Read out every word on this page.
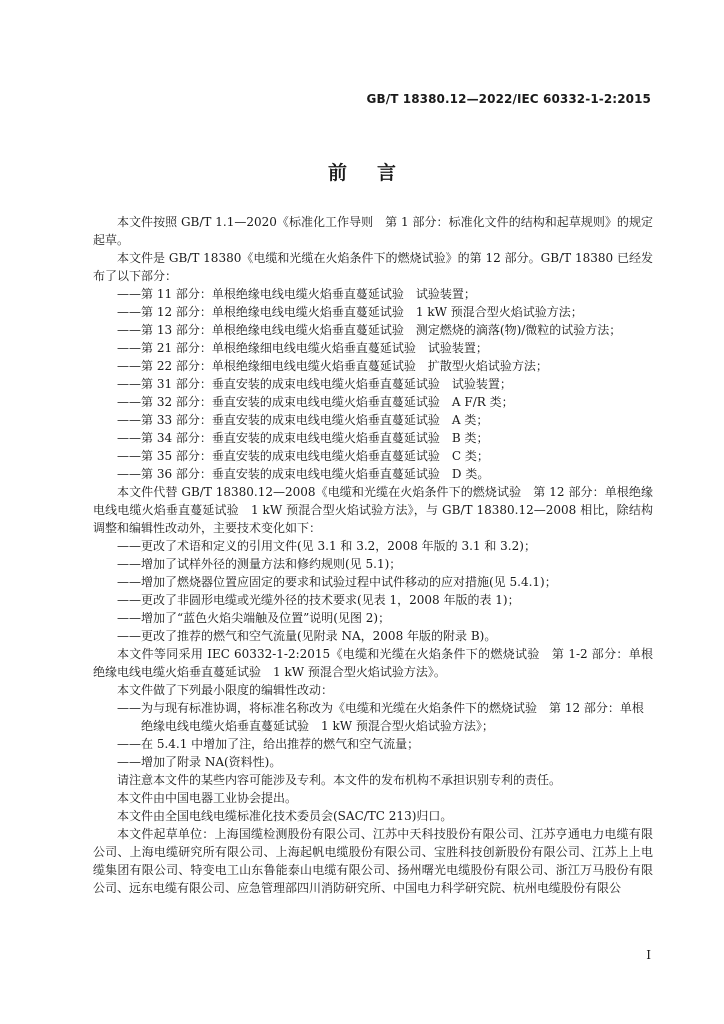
GB/T 18380.12—2022/IEC 60332-1-2:2015
前言

本文件按照 GB/T 1.1—2020《标准化工作导则　第 1 部分：标准化文件的结构和起草规则》的规定起草。

本文件是 GB/T 18380《电缆和光缆在火焰条件下的燃烧试验》的第 12 部分。GB/T 18380 已经发布了以下部分：

——第 11 部分：单根绝缘电线电缆火焰垂直蔓延试验　试验装置；

——第 12 部分：单根绝缘电线电缆火焰垂直蔓延试验　1 kW 预混合型火焰试验方法；

——第 13 部分：单根绝缘电线电缆火焰垂直蔓延试验　测定燃烧的滴落(物)/微粒的试验方法；

——第 21 部分：单根绝缘细电线电缆火焰垂直蔓延试验　试验装置；

——第 22 部分：单根绝缘细电线电缆火焰垂直蔓延试验　扩散型火焰试验方法；

——第 31 部分：垂直安装的成束电线电缆火焰垂直蔓延试验　试验装置；

——第 32 部分：垂直安装的成束电线电缆火焰垂直蔓延试验　A F/R 类；

——第 33 部分：垂直安装的成束电线电缆火焰垂直蔓延试验　A 类；

——第 34 部分：垂直安装的成束电线电缆火焰垂直蔓延试验　B 类；

——第 35 部分：垂直安装的成束电线电缆火焰垂直蔓延试验　C 类；

——第 36 部分：垂直安装的成束电线电缆火焰垂直蔓延试验　D 类。

本文件代替 GB/T 18380.12—2008《电缆和光缆在火焰条件下的燃烧试验　第 12 部分：单根绝缘电线电缆火焰垂直蔓延试验　1 kW 预混合型火焰试验方法》，与 GB/T 18380.12—2008 相比，除结构调整和编辑性改动外，主要技术变化如下：

——更改了术语和定义的引用文件(见 3.1 和 3.2，2008 年版的 3.1 和 3.2)；

——增加了试样外径的测量方法和修约规则(见 5.1)；

——增加了燃烧器位置应固定的要求和试验过程中试件移动的应对措施(见 5.4.1)；

——更改了非圆形电缆或光缆外径的技术要求(见表 1，2008 年版的表 1)；

——增加了“蓝色火焰尖端触及位置”说明(见图 2)；

——更改了推荐的燃气和空气流量(见附录 NA，2008 年版的附录 B)。

本文件等同采用 IEC 60332-1-2:2015《电缆和光缆在火焰条件下的燃烧试验　第 1-2 部分：单根绝缘电线电缆火焰垂直蔓延试验　1 kW 预混合型火焰试验方法》。

本文件做了下列最小限度的编辑性改动：

——为与现有标准协调，将标准名称改为《电缆和光缆在火焰条件下的燃烧试验　第 12 部分：单根绝缘电线电缆火焰垂直蔓延试验　1 kW 预混合型火焰试验方法》；

——在 5.4.1 中增加了注，给出推荐的燃气和空气流量；

——增加了附录 NA(资料性)。

请注意本文件的某些内容可能涉及专利。本文件的发布机构不承担识别专利的责任。

本文件由中国电器工业协会提出。

本文件由全国电线电缆标准化技术委员会(SAC/TC 213)归口。

本文件起草单位：上海国缆检测股份有限公司、江苏中天科技股份有限公司、江苏亨通电力电缆有限公司、上海电缆研究所有限公司、上海起帆电缆股份有限公司、宝胜科技创新股份有限公司、江苏上上电缆集团有限公司、特变电工山东鲁能泰山电缆有限公司、扬州曙光电缆股份有限公司、浙江万马股份有限公司、远东电缆有限公司、应急管理部四川消防研究所、中国电力科学研究院、杭州电缆股份有限公

I
